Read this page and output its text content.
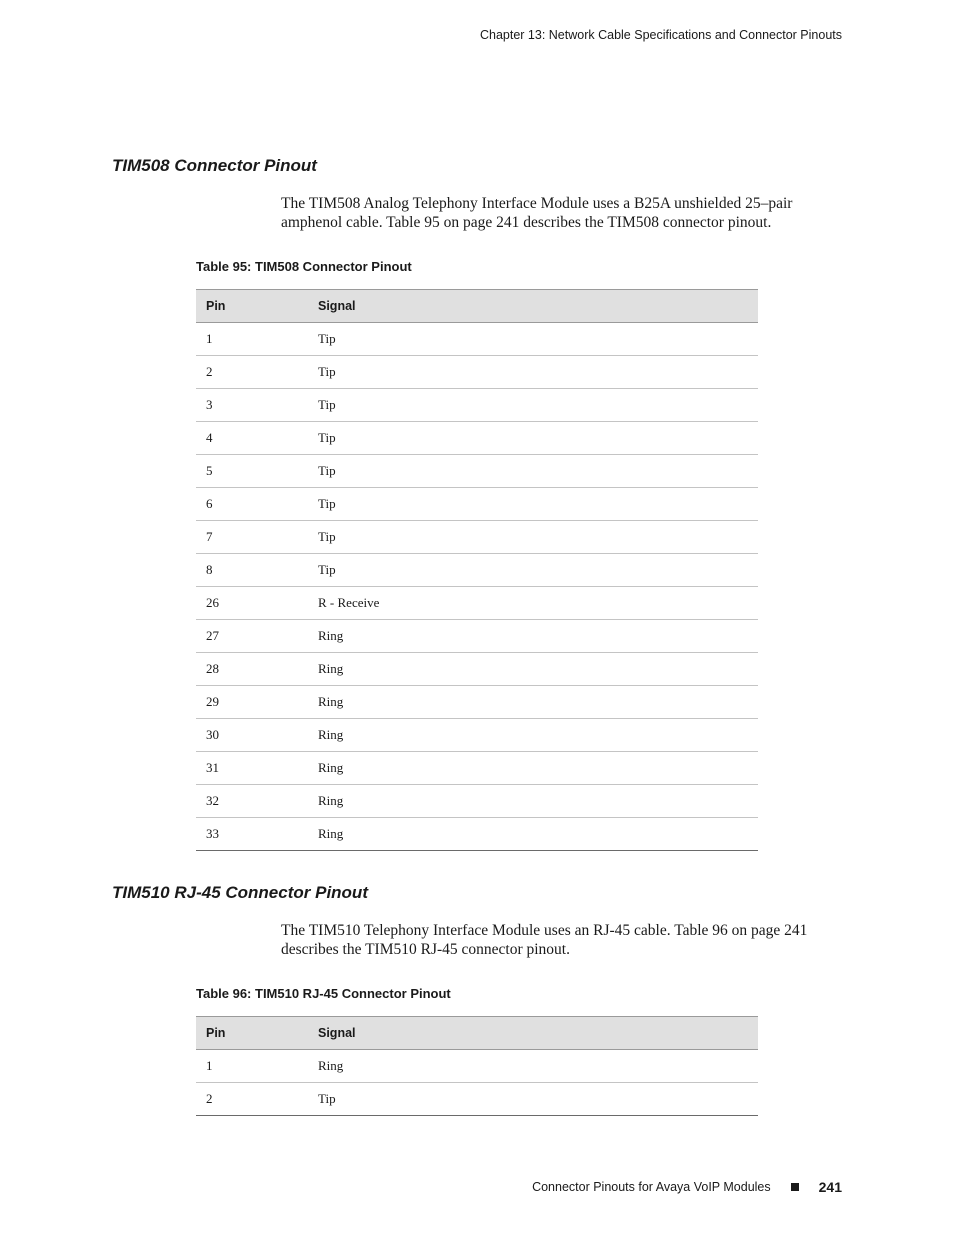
Chapter 13: Network Cable Specifications and Connector Pinouts
TIM508 Connector Pinout

The TIM508 Analog Telephony Interface Module uses a B25A unshielded 25–pair amphenol cable. Table 95 on page 241 describes the TIM508 connector pinout.

Table 95: TIM508 Connector Pinout
Pin	Signal
1	Tip
2	Tip
3	Tip
4	Tip
5	Tip
6	Tip
7	Tip
8	Tip
26	R - Receive
27	Ring
28	Ring
29	Ring
30	Ring
31	Ring
32	Ring
33	Ring
TIM510 RJ-45 Connector Pinout

The TIM510 Telephony Interface Module uses an RJ-45 cable. Table 96 on page 241 describes the TIM510 RJ-45 connector pinout.

Table 96: TIM510 RJ-45 Connector Pinout
Pin	Signal
1	Ring
2	Tip
Connector Pinouts for Avaya VoIP Modules	241
